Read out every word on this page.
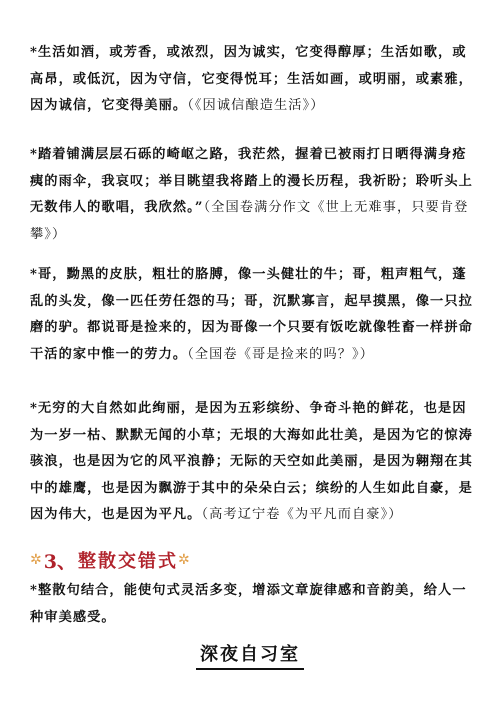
*生活如酒，或芳香，或浓烈，因为诚实，它变得醇厚；生活如歌，或高昂，或低沉，因为守信，它变得悦耳；生活如画，或明丽，或素雅，因为诚信，它变得美丽。（《因诚信酿造生活》）

*踏着铺满层层石砾的崎岖之路，我茫然，握着已被雨打日晒得满身疮痍的雨伞，我哀叹；举目眺望我将踏上的漫长历程，我祈盼；聆听头上无数伟人的歌唱，我欣然。”（全国卷满分作文《世上无难事，只要肯登攀》）

*哥，黝黑的皮肤，粗壮的胳膊，像一头健壮的牛；哥，粗声粗气，蓬乱的头发，像一匹任劳任怨的马；哥，沉默寡言，起早摸黑，像一只拉磨的驴。都说哥是捡来的，因为哥像一个只要有饭吃就像牲畜一样拼命干活的家中惟一的劳力。（全国卷《哥是捡来的吗？》）

*无穷的大自然如此绚丽，是因为五彩缤纷、争奇斗艳的鲜花，也是因为一岁一枯、默默无闻的小草；无垠的大海如此壮美，是因为它的惊涛骇浪，也是因为它的风平浪静；无际的天空如此美丽，是因为翱翔在其中的雄鹰，也是因为飘游于其中的朵朵白云；缤纷的人生如此自豪，是因为伟大，也是因为平凡。（高考辽宁卷《为平凡而自豪》）

✲ 3、 整散交错式 ✲

*整散句结合，能使句式灵活多变，增添文章旋律感和音韵美，给人一种审美感受。

深夜自习室
